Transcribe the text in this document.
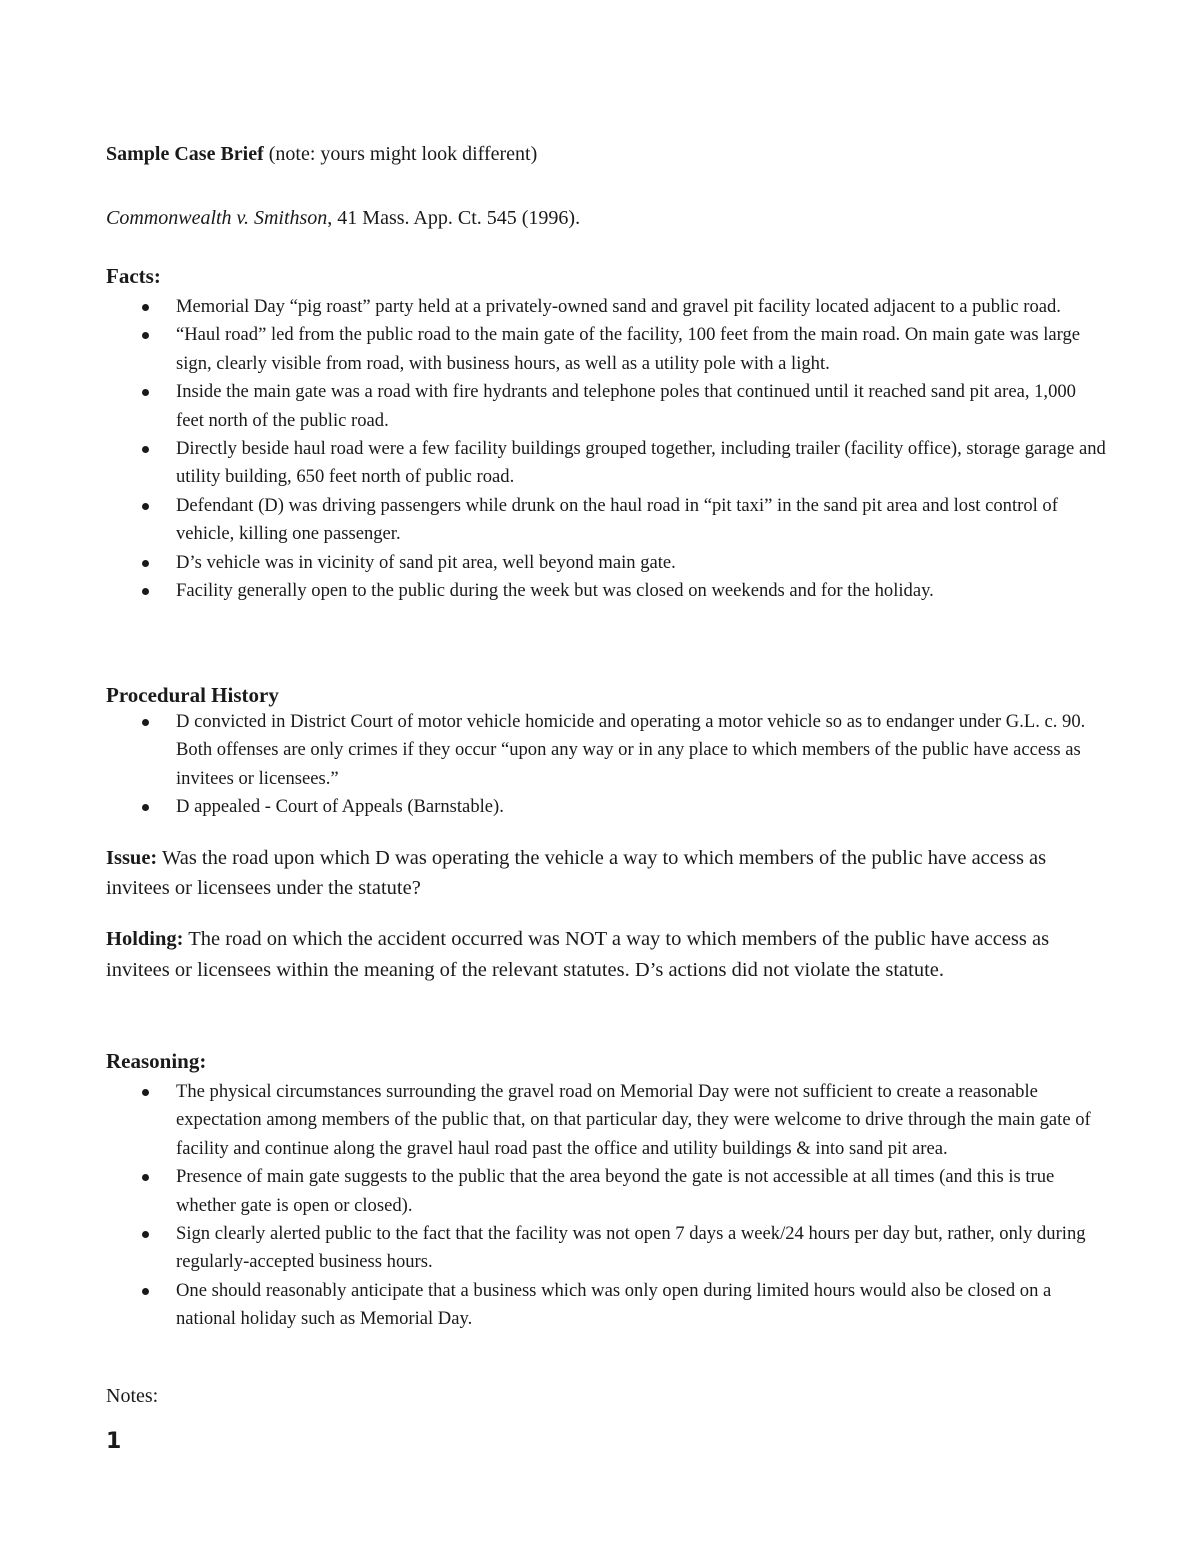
Sample Case Brief (note: yours might look different)
Commonwealth v. Smithson, 41 Mass. App. Ct. 545 (1996).
Facts:
Memorial Day “pig roast” party held at a privately-owned sand and gravel pit facility located adjacent to a public road.
“Haul road” led from the public road to the main gate of the facility, 100 feet from the main road. On main gate was large sign, clearly visible from road, with business hours, as well as a utility pole with a light.
Inside the main gate was a road with fire hydrants and telephone poles that continued until it reached sand pit area, 1,000 feet north of the public road.
Directly beside haul road were a few facility buildings grouped together, including trailer (facility office), storage garage and utility building, 650 feet north of public road.
Defendant (D) was driving passengers while drunk on the haul road in “pit taxi” in the sand pit area and lost control of vehicle, killing one passenger.
D’s vehicle was in vicinity of sand pit area, well beyond main gate.
Facility generally open to the public during the week but was closed on weekends and for the holiday.
Procedural History
D convicted in District Court of motor vehicle homicide and operating a motor vehicle so as to endanger under G.L. c. 90. Both offenses are only crimes if they occur “upon any way or in any place to which members of the public have access as invitees or licensees.”
D appealed - Court of Appeals (Barnstable).
Issue: Was the road upon which D was operating the vehicle a way to which members of the public have access as invitees or licensees under the statute?
Holding: The road on which the accident occurred was NOT a way to which members of the public have access as invitees or licensees within the meaning of the relevant statutes. D’s actions did not violate the statute.
Reasoning:
The physical circumstances surrounding the gravel road on Memorial Day were not sufficient to create a reasonable expectation among members of the public that, on that particular day, they were welcome to drive through the main gate of facility and continue along the gravel haul road past the office and utility buildings & into sand pit area.
Presence of main gate suggests to the public that the area beyond the gate is not accessible at all times (and this is true whether gate is open or closed).
Sign clearly alerted public to the fact that the facility was not open 7 days a week/24 hours per day but, rather, only during regularly-accepted business hours.
One should reasonably anticipate that a business which was only open during limited hours would also be closed on a national holiday such as Memorial Day.
Notes:
1
